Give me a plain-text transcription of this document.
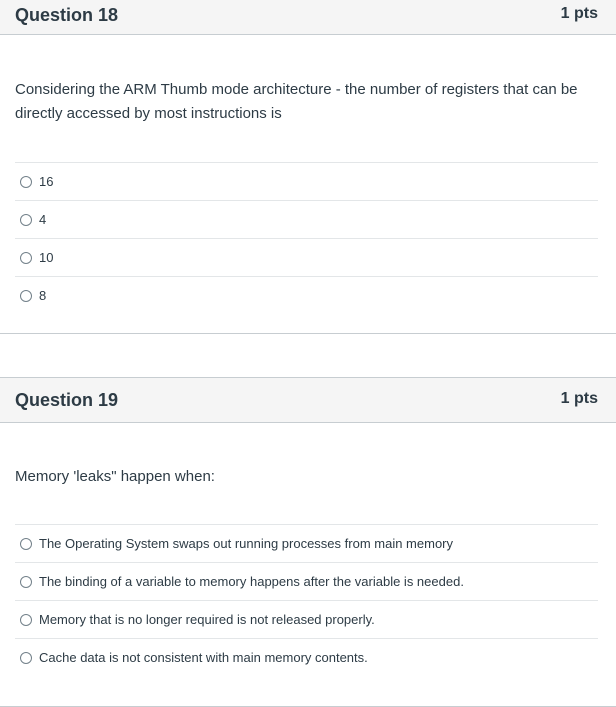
Question 18	1 pts
Considering the ARM Thumb mode architecture - the number of registers that can be directly accessed by most instructions is
16
4
10
8
Question 19	1 pts
Memory 'leaks" happen when:
The Operating System swaps out running processes from main memory
The binding of a variable to memory happens after the variable is needed.
Memory that is no longer required is not released properly.
Cache data is not consistent with main memory contents.
